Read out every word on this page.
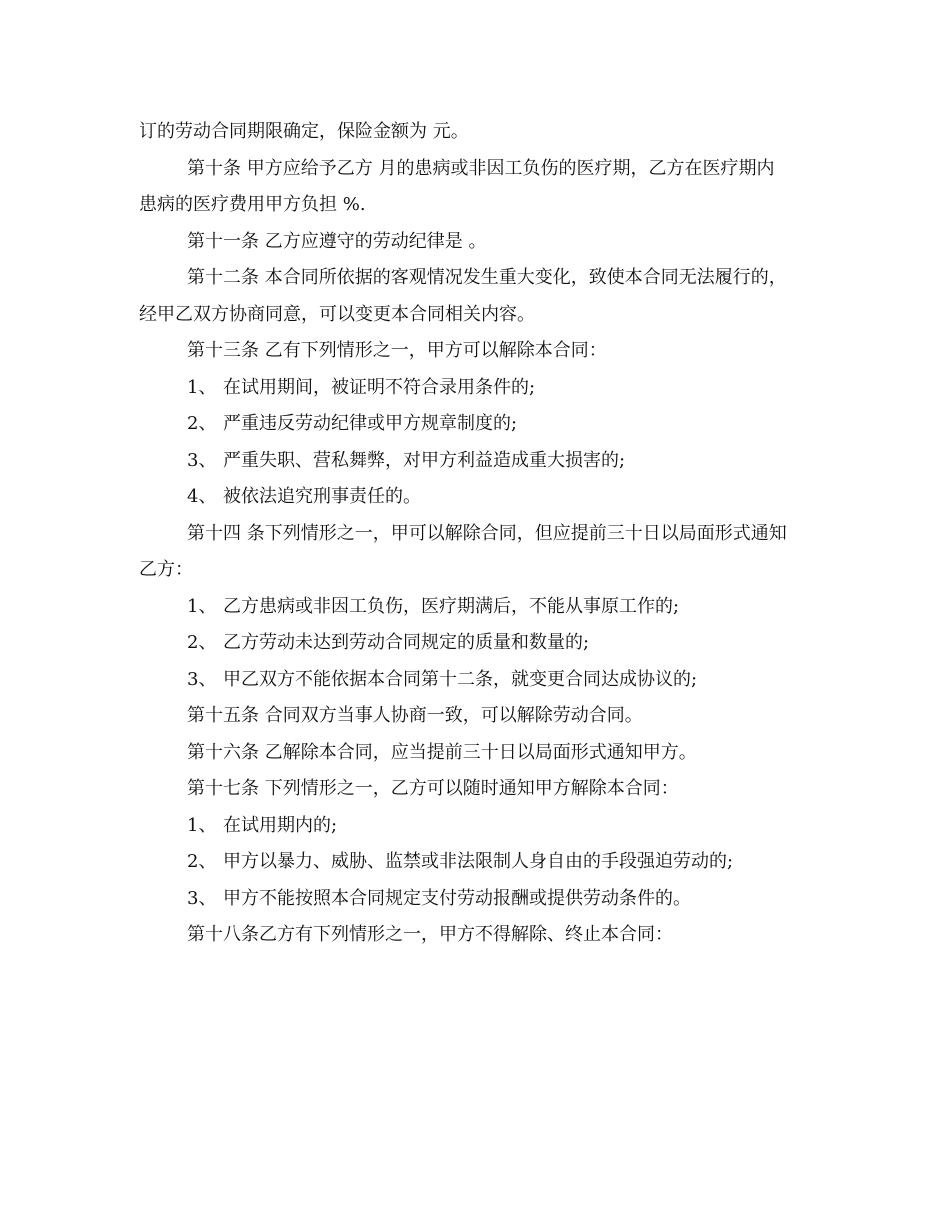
订的劳动合同期限确定，保险金额为 元。
第十条 甲方应给予乙方 月的患病或非因工负伤的医疗期，乙方在医疗期内
患病的医疗费用甲方负担 %.
第十一条 乙方应遵守的劳动纪律是 。
第十二条 本合同所依据的客观情况发生重大变化，致使本合同无法履行的，
经甲乙双方协商同意，可以变更本合同相关内容。
第十三条 乙有下列情形之一，甲方可以解除本合同：
1、 在试用期间，被证明不符合录用条件的;
2、 严重违反劳动纪律或甲方规章制度的;
3、 严重失职、营私舞弊，对甲方利益造成重大损害的;
4、 被依法追究刑事责任的。
第十四 条下列情形之一，甲可以解除合同，但应提前三十日以局面形式通知
乙方：
1、 乙方患病或非因工负伤，医疗期满后，不能从事原工作的;
2、 乙方劳动未达到劳动合同规定的质量和数量的;
3、 甲乙双方不能依据本合同第十二条，就变更合同达成协议的;
第十五条 合同双方当事人协商一致，可以解除劳动合同。
第十六条 乙解除本合同，应当提前三十日以局面形式通知甲方。
第十七条 下列情形之一，乙方可以随时通知甲方解除本合同：
1、 在试用期内的;
2、 甲方以暴力、威胁、监禁或非法限制人身自由的手段强迫劳动的;
3、 甲方不能按照本合同规定支付劳动报酬或提供劳动条件的。
第十八条乙方有下列情形之一，甲方不得解除、终止本合同：
